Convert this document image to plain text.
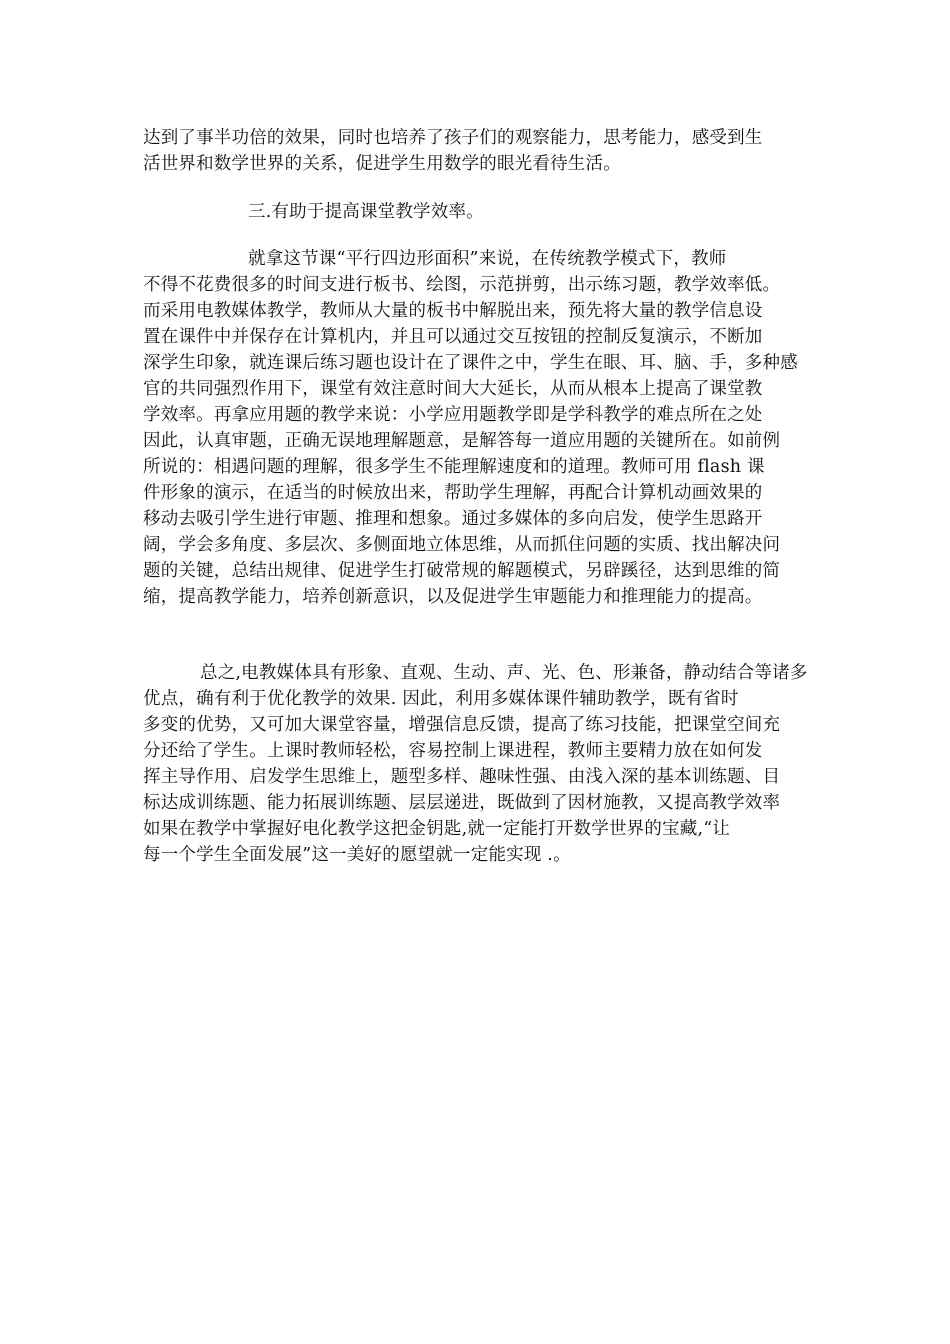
达到了事半功倍的效果，同时也培养了孩子们的观察能力，思考能力，感受到生
活世界和数学世界的关系，促进学生用数学的眼光看待生活。
三.有助于提高课堂教学效率。
就拿这节课“平行四边形面积”来说，在传统教学模式下，教师
不得不花费很多的时间支进行板书、绘图，示范拼剪，出示练习题，教学效率低。
而采用电教媒体教学，教师从大量的板书中解脱出来，预先将大量的教学信息设
置在课件中并保存在计算机内，并且可以通过交互按钮的控制反复演示，不断加
深学生印象，就连课后练习题也设计在了课件之中，学生在眼、耳、脑、手，多种感
官的共同强烈作用下，课堂有效注意时间大大延长，从而从根本上提高了课堂教
学效率。再拿应用题的教学来说：小学应用题教学即是学科教学的难点所在之处
因此，认真审题，正确无误地理解题意，是解答每一道应用题的关键所在。如前例
所说的：相遇问题的理解，很多学生不能理解速度和的道理。教师可用 flash 课
件形象的演示，在适当的时候放出来，帮助学生理解，再配合计算机动画效果的
移动去吸引学生进行审题、推理和想象。通过多媒体的多向启发，使学生思路开
阔，学会多角度、多层次、多侧面地立体思维，从而抓住问题的实质、找出解决问
题的关键，总结出规律、促进学生打破常规的解题模式，另辟蹊径，达到思维的简
缩，提高教学能力，培养创新意识，以及促进学生审题能力和推理能力的提高。
总之,电教媒体具有形象、直观、生动、声、光、色、形兼备，静动结合等诸多
优点，确有利于优化教学的效果. 因此，利用多媒体课件辅助教学，既有省时
多变的优势，又可加大课堂容量，增强信息反馈，提高了练习技能，把课堂空间充
分还给了学生。上课时教师轻松，容易控制上课进程，教师主要精力放在如何发
挥主导作用、启发学生思维上，题型多样、趣味性强、由浅入深的基本训练题、目
标达成训练题、能力拓展训练题、层层递进，既做到了因材施教，又提高教学效率
如果在教学中掌握好电化教学这把金钥匙,就一定能打开数学世界的宝藏,“让
每一个学生全面发展”这一美好的愿望就一定能实现 .。
